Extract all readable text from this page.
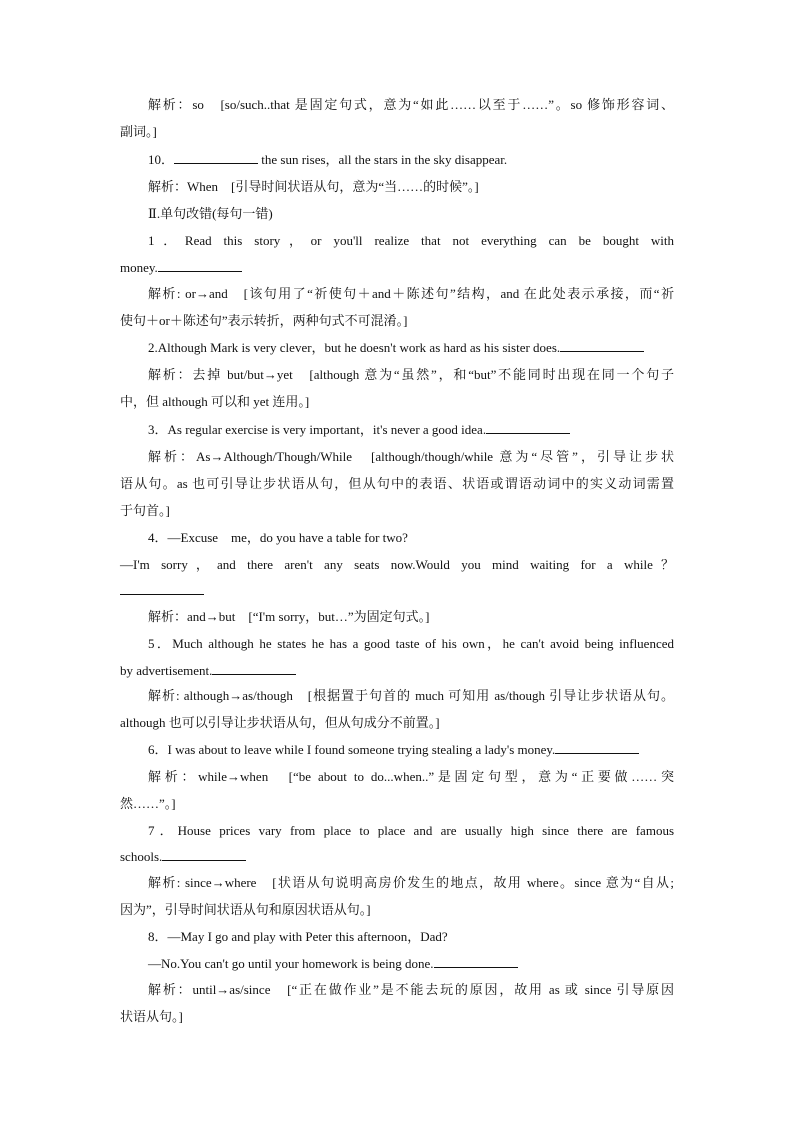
解析：so　[so/such..that 是固定句式，意为“如此……以至于……”。so 修饰形容词、
副词。]
10．	the sun rises，all the stars in the sky disappear.
解析：When　[引导时间状语从句，意为“当……的时候”。]
Ⅱ.单句改错(每句一错)
1．Read this story，or you'll realize that not everything can be bought with
money.
解析: or→and　[该句用了“祈使句＋and＋陈述句”结构，and 在此处表示承接，而“祈
使句＋or＋陈述句”表示转折，两种句式不可混淆。]
2.Although Mark is very clever，but he doesn't work as hard as his sister does.
解析：去掉 but/but→yet　[although 意为“虽然”，和“but”不能同时出现在同一个句子
中，但 although 可以和 yet 连用。]
3．As regular exercise is very important，it's never a good idea.
解析：As→Although/Though/While　[although/though/while 意为“尽管”，引导让步状
语从句。as 也可引导让步状语从句，但从句中的表语、状语或谓语动词中的实义动词需置
于句首。]
4．—Excuse　me，do you have a table for two?
—I'm sorry，and there aren't any seats now.Would you mind waiting for a while？
解析：and→but　[“I'm sorry，but…”为固定句式。]
5．Much although he states he has a good taste of his own，he can't avoid being influenced
by advertisement.
解析: although→as/though　[根据置于句首的 much 可知用 as/though 引导让步状语从句。
although 也可以引导让步状语从句，但从句成分不前置。]
6．I was about to leave while I found someone trying stealing a lady's money.
解析：while→when　[“be about to do...when..”是固定句型，意为“正要做……突
然……”。]
7．House prices vary from place to place and are usually high since there are famous
schools.
解析: since→where　[状语从句说明高房价发生的地点，故用 where。since 意为“自从;
因为”，引导时间状语从句和原因状语从句。]
8．—May I go and play with Peter this afternoon，Dad?
—No.You can't go until your homework is being done.
解析：until→as/since　[“正在做作业”是不能去玩的原因，故用 as 或 since 引导原因
状语从句。]
